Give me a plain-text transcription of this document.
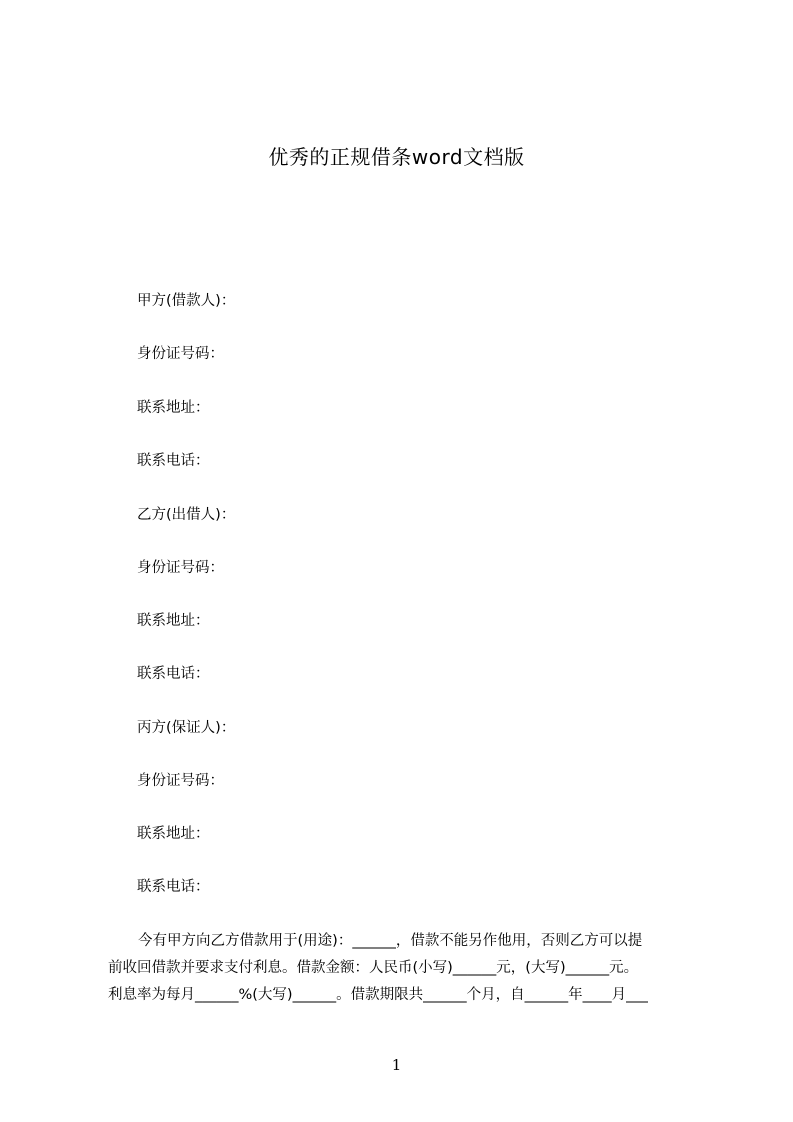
优秀的正规借条word文档版
甲方(借款人)：
身份证号码：
联系地址：
联系电话：
乙方(出借人)：
身份证号码：
联系地址：
联系电话：
丙方(保证人)：
身份证号码：
联系地址：
联系电话：
今有甲方向乙方借款用于(用途)：______，借款不能另作他用，否则乙方可以提
前收回借款并要求支付利息。借款金额：人民币(小写)______元，(大写)______元。
利息率为每月______%(大写)______。借款期限共______个月，自______年____月___
1
